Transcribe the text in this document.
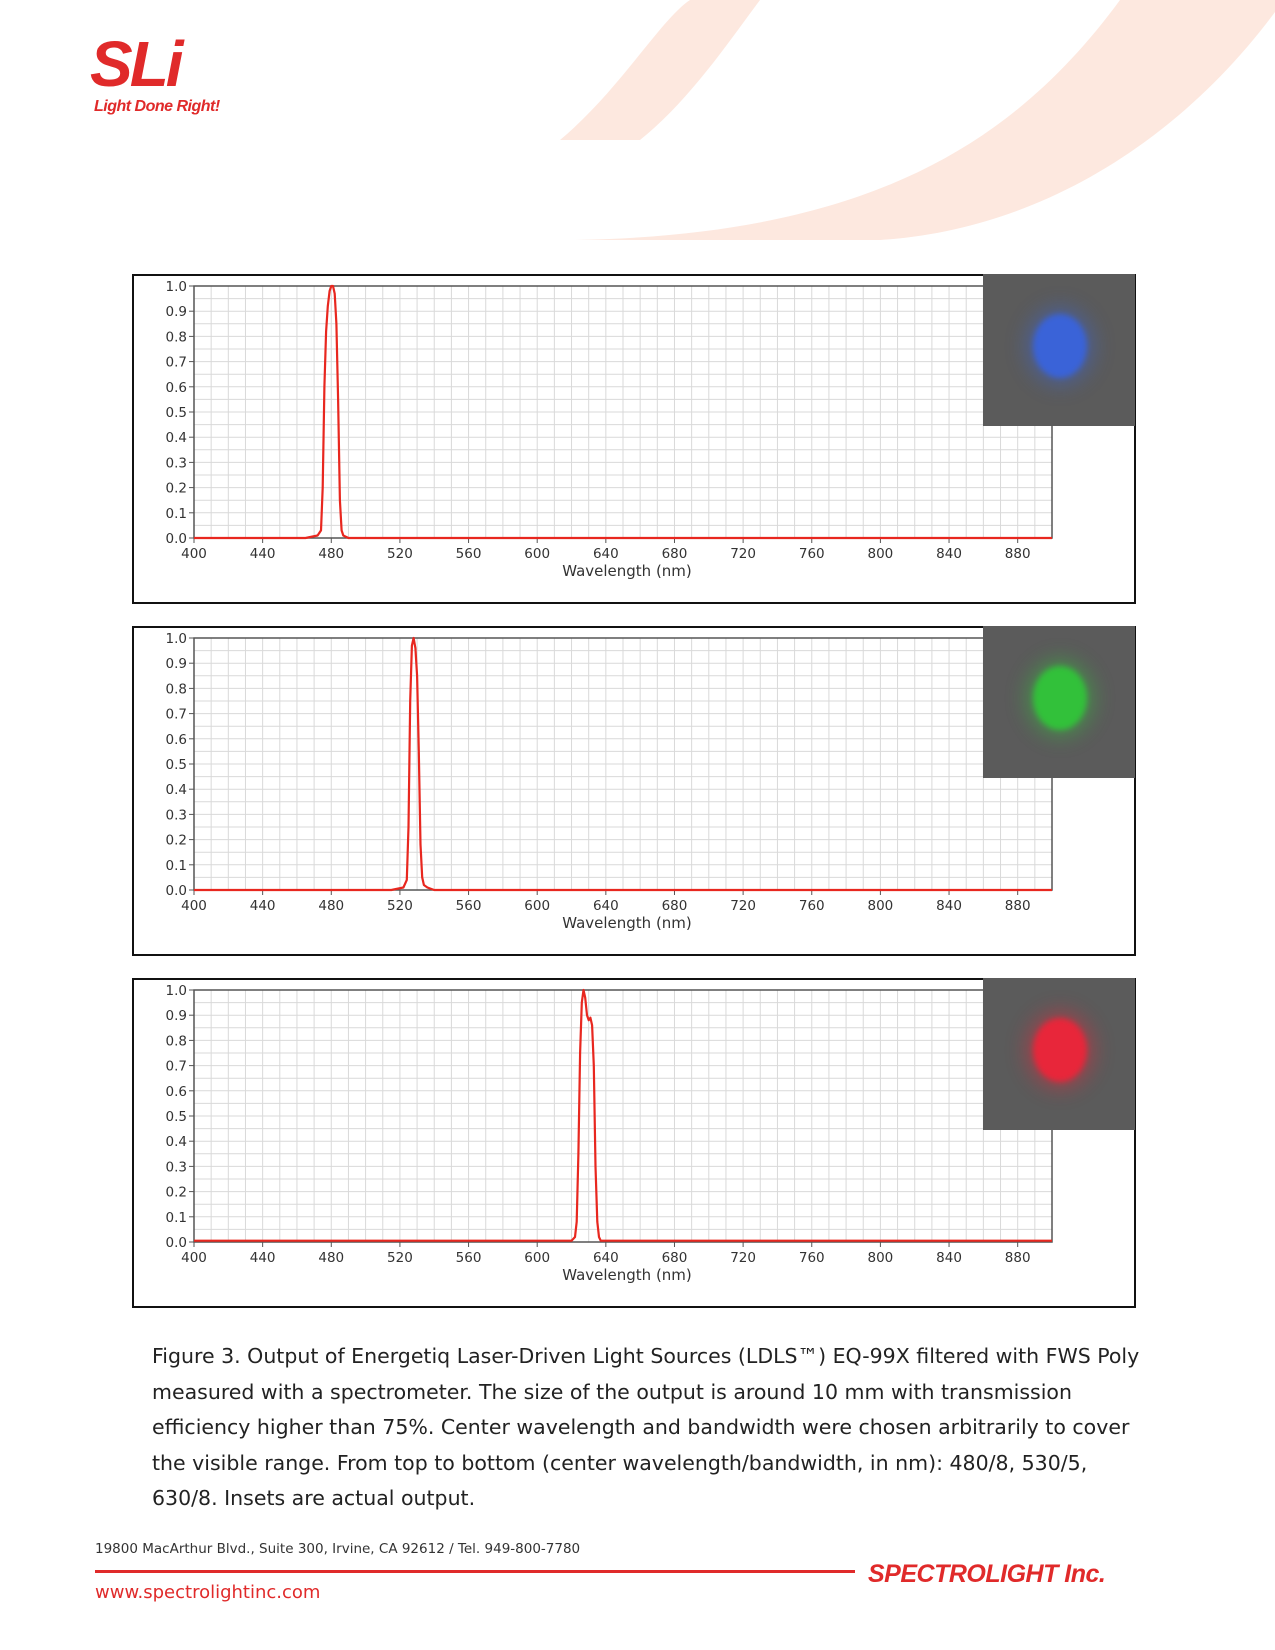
SLi
Light Done Right!
0.0
0.1
0.2
0.3
0.4
0.5
0.6
0.7
0.8
0.9
1.0
400	440	480	520	560	600	640	680	720	760	800	840	880
Wavelength (nm)
0.0
0.1
0.2
0.3
0.4
0.5
0.6
0.7
0.8
0.9
1.0
400	440	480	520	560	600	640	680	720	760	800	840	880
Wavelength (nm)
0.0
0.1
0.2
0.3
0.4
0.5
0.6
0.7
0.8
0.9
1.0
400	440	480	520	560	600	640	680	720	760	800	840	880
Wavelength (nm)
Figure 3. Output of Energetiq Laser-Driven Light Sources (LDLS™) EQ-99X filtered with FWS Poly measured with a spectrometer. The size of the output is around 10 mm with transmission efficiency higher than 75%. Center wavelength and bandwidth were chosen arbitrarily to cover the visible range. From top to bottom (center wavelength/bandwidth, in nm): 480/8, 530/5, 630/8. Insets are actual output.
19800 MacArthur Blvd., Suite 300, Irvine, CA 92612 / Tel. 949-800-7780
www.spectrolightinc.com
SPECTROLIGHT Inc.
